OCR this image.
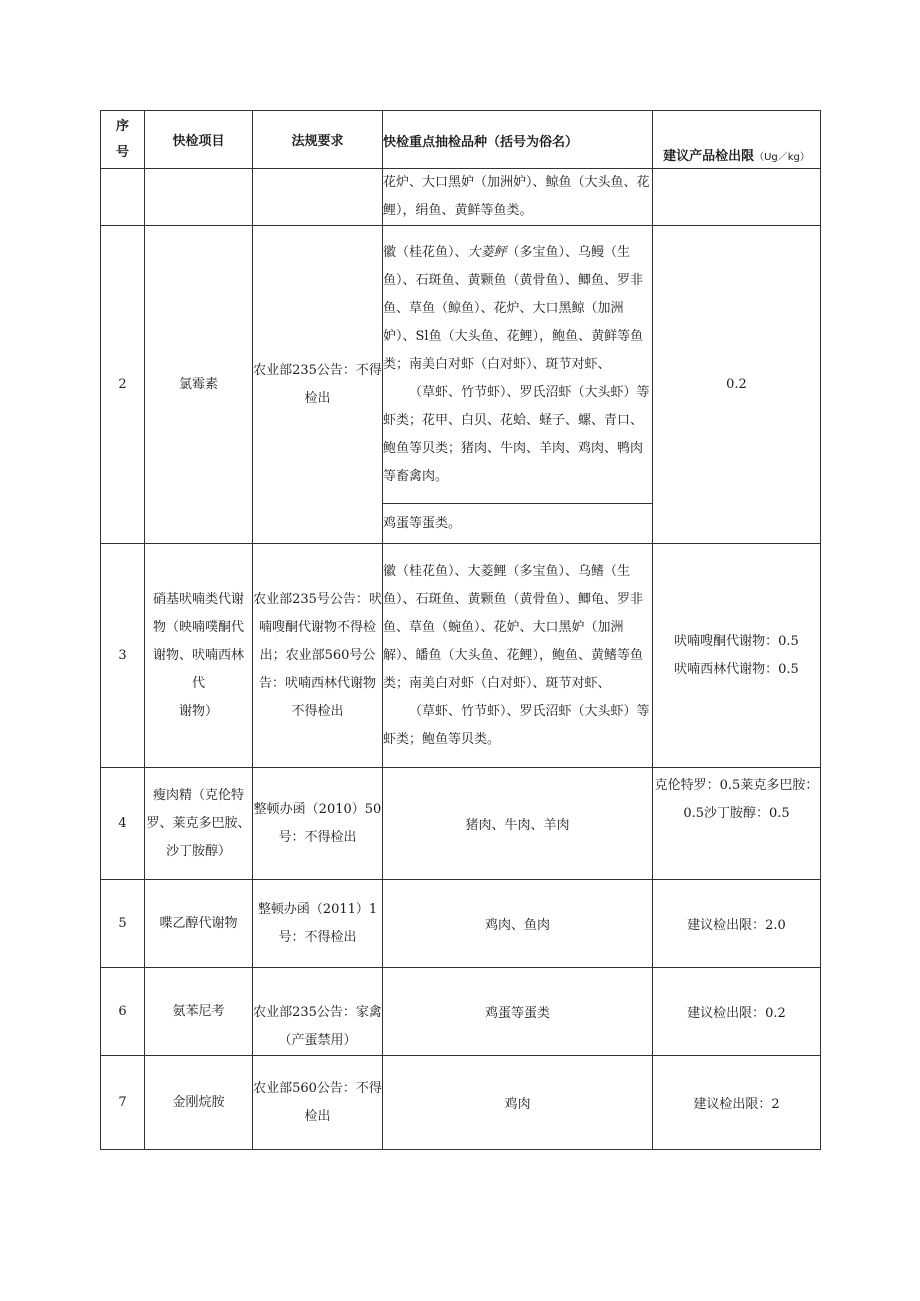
序
号	快检项目	法规要求	快检重点抽检品种（括号为俗名）	建议产品检出限（Ug／kg）
			花炉、大口黑妒（加洲妒）、鲸鱼（大头鱼、花鲤），绢鱼、黄鲜等鱼类。	
2	氯霉素	农业部235公告：不得检出	徽（桂花鱼）、大菱鲆（多宝鱼）、乌鳗（生鱼）、石斑鱼、黄颗鱼（黄骨鱼）、鲫鱼、罗非鱼、草鱼（鲸鱼）、花炉、大口黑鲸（加洲妒）、Sl鱼（大头鱼、花鲤），鲍鱼、黄鲜等鱼类；南美白对虾（白对虾）、斑节对虾、
（草虾、竹节虾）、罗氏沼虾（大头虾）等虾类；花甲、白贝、花蛤、蛏子、螺、青口、鲍鱼等贝类；猪肉、牛肉、羊肉、鸡肉、鸭肉等畜禽肉。	0.2
			鸡蛋等蛋类。	
3	硝基吠喃类代谢
物（映喃噗酮代
谢物、吠喃西林
代
谢物）	农业部235号公告：吠喃嗖酮代谢物不得检出；农业部560号公告：吠喃西林代谢物不得检出	徽（桂花鱼）、大菱鲤（多宝鱼）、乌鳍（生鱼）、石斑鱼、黄颗鱼（黄骨鱼）、鲫龟、罗非鱼、草鱼（蜿鱼）、花妒、大口黑妒（加洲解）、皤鱼（大头鱼、花鲤），鲍鱼、黄鳍等鱼类；南美白对虾（白对虾）、斑节对虾、
（草虾、竹节虾）、罗氏沼虾（大头虾）等虾类；鲍鱼等贝类。	吠喃嗖酮代谢物：0.5
吠喃西林代谢物：0.5
4	瘦肉精（克伦特罗、莱克多巴胺、沙丁胺醇）	整顿办函（2010）50号：不得检出	猪肉、牛肉、羊肉	克伦特罗：0.5莱克多巴胺：0.5沙丁胺醇：0.5
5	喋乙醇代谢物	整顿办函（2011）1号：不得检出	鸡肉、鱼肉	建议检出限：2.0
6	氨苯尼考	农业部235公告：家禽（产蛋禁用）	鸡蛋等蛋类	建议检出限：0.2
7	金刚烷胺	农业部560公告：不得检出	鸡肉	建议检出限：2
